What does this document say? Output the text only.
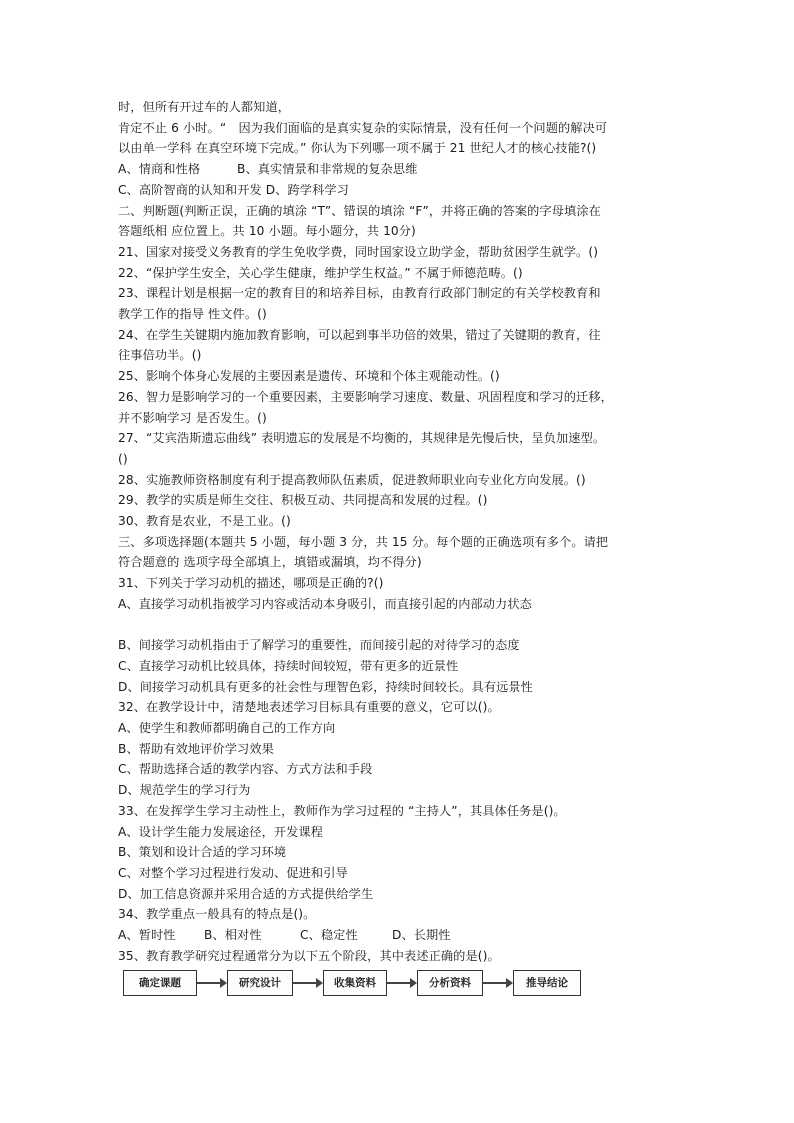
时，但所有开过车的人都知道，
肯定不止 6 小时。“　因为我们面临的是真实复杂的实际情景，没有任何一个问题的解决可
以由单一学科 在真空环境下完成。” 你认为下列哪一项不属于 21 世纪人才的核心技能?()
A、情商和性格　　　B、真实情景和非常规的复杂思维
C、高阶智商的认知和开发 D、跨学科学习
二、判断题(判断正误，正确的填涂 “T”、错误的填涂 “F”，并将正确的答案的字母填涂在
答题纸相 应位置上。共 10 小题。每小题分，共 10分)
21、国家对接受义务教育的学生免收学费，同时国家设立助学金，帮助贫困学生就学。()
22、“保护学生安全，关心学生健康，维护学生权益。” 不属于师德范畴。()
23、课程计划是根据一定的教育目的和培养目标，由教育行政部门制定的有关学校教育和
教学工作的指导 性文件。()
24、在学生关键期内施加教育影响，可以起到事半功倍的效果，错过了关键期的教育，往
往事倍功半。()
25、影响个体身心发展的主要因素是遗传、环境和个体主观能动性。()
26、智力是影响学习的一个重要因素，主要影响学习速度、数量、巩固程度和学习的迁移，
并不影响学习 是否发生。()
27、“艾宾浩斯遗忘曲线” 表明遗忘的发展是不均衡的，其规律是先慢后快，呈负加速型。
()
28、实施教师资格制度有利于提高教师队伍素质，促进教师职业向专业化方向发展。()
29、教学的实质是师生交往、积极互动、共同提高和发展的过程。()
30、教育是农业，不是工业。()
三、多项选择题(本题共 5 小题，每小题 3 分，共 15 分。每个题的正确选项有多个。请把
符合题意的 选项字母全部填上，填错或漏填，均不得分)
31、下列关于学习动机的描述，哪项是正确的?()
A、直接学习动机指被学习内容或活动本身吸引，而直接引起的内部动力状态
B、间接学习动机指由于了解学习的重要性，而间接引起的对待学习的态度
C、直接学习动机比较具体，持续时间较短，带有更多的近景性
D、间接学习动机具有更多的社会性与理智色彩，持续时间较长。具有远景性
32、在教学设计中，清楚地表述学习目标具有重要的意义，它可以()。
A、使学生和教师都明确自己的工作方向
B、帮助有效地评价学习效果
C、帮助选择合适的教学内容、方式方法和手段
D、规范学生的学习行为
33、在发挥学生学习主动性上，教师作为学习过程的 “主持人”，其具体任务是()。
A、设计学生能力发展途径，开发课程
B、策划和设计合适的学习环境
C、对整个学习过程进行发动、促进和引导
D、加工信息资源并采用合适的方式提供给学生
34、教学重点一般具有的特点是()。
A、暂时性 B、相对性	C、稳定性	D、长期性
35、教育教学研究过程通常分为以下五个阶段，其中表述正确的是()。
确定课题	研究设计	收集资料	分析资料	推导结论
